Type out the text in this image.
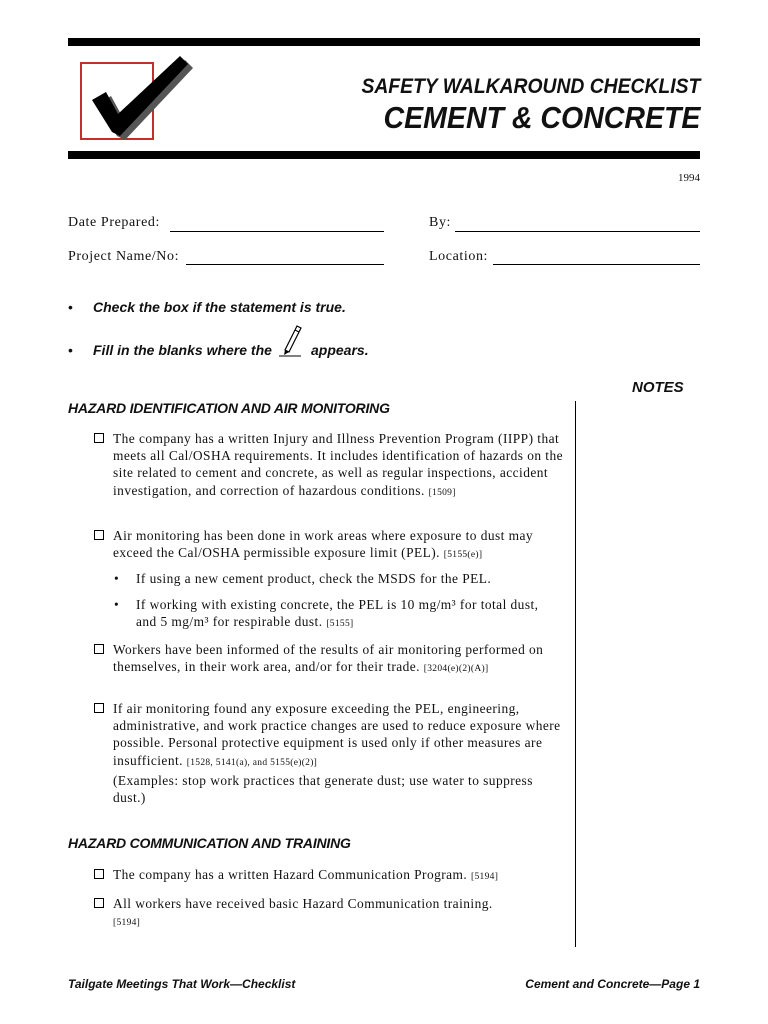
SAFETY WALKAROUND CHECKLIST
CEMENT & CONCRETE
1994
Date Prepared:	By:
Project Name/No:	Location:
• Check the box if the statement is true.
• Fill in the blanks where the	appears.
NOTES
HAZARD IDENTIFICATION AND AIR MONITORING
The company has a written Injury and Illness Prevention Program (IIPP) that meets all Cal/OSHA requirements. It includes identification of hazards on the site related to cement and concrete, as well as regular inspections, accident investigation, and correction of hazardous conditions. [1509]
Air monitoring has been done in work areas where exposure to dust may exceed the Cal/OSHA permissible exposure limit (PEL). [5155(e)]
• If using a new cement product, check the MSDS for the PEL.
• If working with existing concrete, the PEL is 10 mg/m³ for total dust, and 5 mg/m³ for respirable dust. [5155]
Workers have been informed of the results of air monitoring performed on themselves, in their work area, and/or for their trade. [3204(e)(2)(A)]
If air monitoring found any exposure exceeding the PEL, engineering, administrative, and work practice changes are used to reduce exposure where possible. Personal protective equipment is used only if other measures are insufficient. [1528, 5141(a), and 5155(e)(2)]
(Examples: stop work practices that generate dust; use water to suppress dust.)
HAZARD COMMUNICATION AND TRAINING
The company has a written Hazard Communication Program. [5194]
All workers have received basic Hazard Communication training.
[5194]
Tailgate Meetings That Work—Checklist	Cement and Concrete—Page 1
